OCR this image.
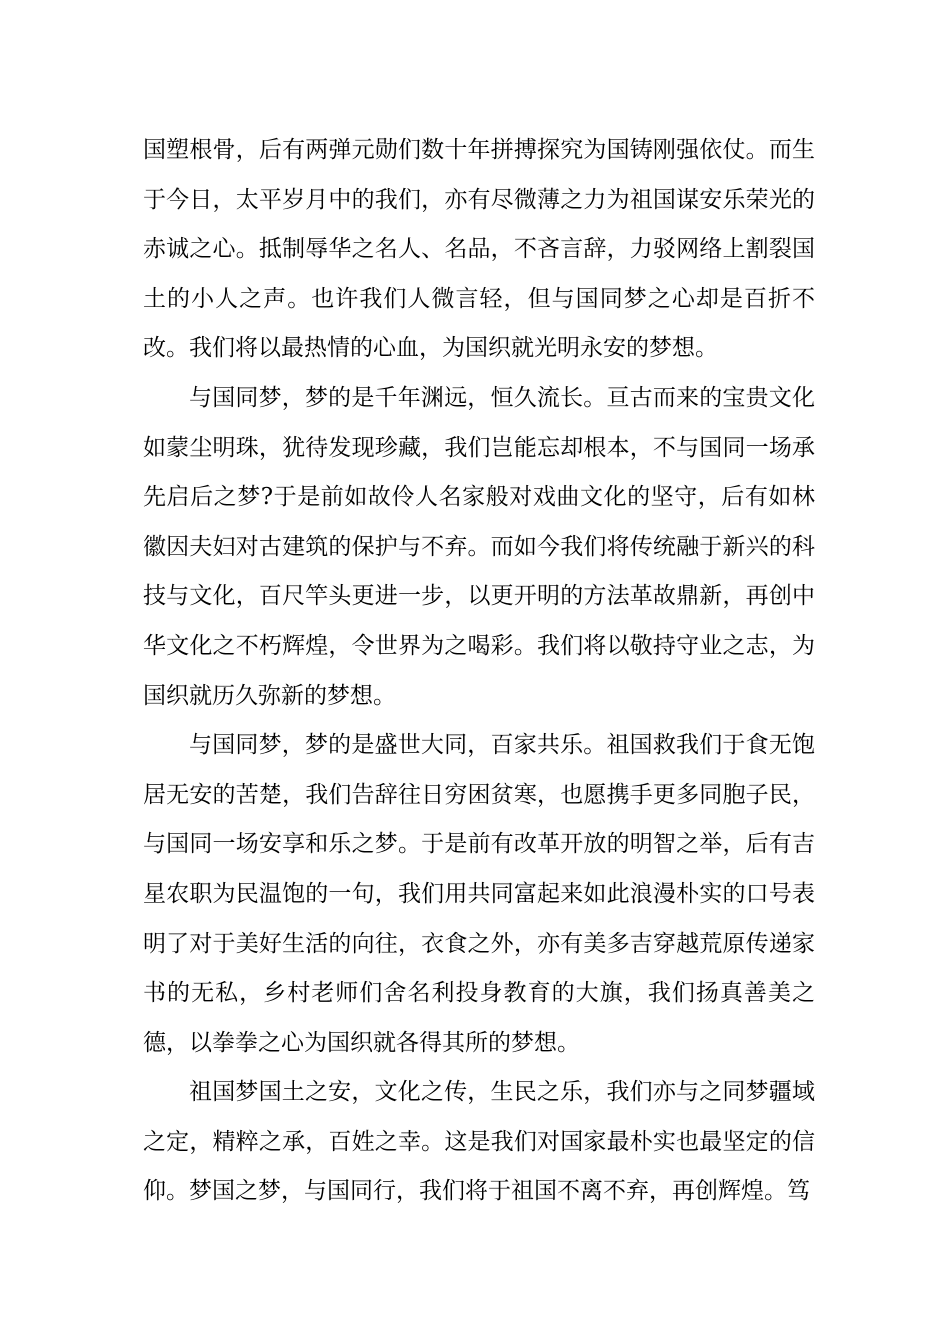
国塑根骨，后有两弹元勋们数十年拼搏探究为国铸刚强依仗。而生于今日，太平岁月中的我们，亦有尽微薄之力为祖国谋安乐荣光的赤诚之心。抵制辱华之名人、名品，不吝言辞，力驳网络上割裂国土的小人之声。也许我们人微言轻，但与国同梦之心却是百折不改。我们将以最热情的心血，为国织就光明永安的梦想。

与国同梦，梦的是千年渊远，恒久流长。亘古而来的宝贵文化如蒙尘明珠，犹待发现珍藏，我们岂能忘却根本，不与国同一场承先启后之梦?于是前如故伶人名家般对戏曲文化的坚守，后有如林徽因夫妇对古建筑的保护与不弃。而如今我们将传统融于新兴的科技与文化，百尺竿头更进一步，以更开明的方法革故鼎新，再创中华文化之不朽辉煌，令世界为之喝彩。我们将以敬持守业之志，为国织就历久弥新的梦想。

与国同梦，梦的是盛世大同，百家共乐。祖国救我们于食无饱居无安的苦楚，我们告辞往日穷困贫寒，也愿携手更多同胞子民，与国同一场安享和乐之梦。于是前有改革开放的明智之举，后有吉星农职为民温饱的一句，我们用共同富起来如此浪漫朴实的口号表明了对于美好生活的向往，衣食之外，亦有美多吉穿越荒原传递家书的无私，乡村老师们舍名利投身教育的大旗，我们扬真善美之德，以拳拳之心为国织就各得其所的梦想。

祖国梦国土之安，文化之传，生民之乐，我们亦与之同梦疆域之定，精粹之承，百姓之幸。这是我们对国家最朴实也最坚定的信仰。梦国之梦，与国同行，我们将于祖国不离不弃，再创辉煌。笃
